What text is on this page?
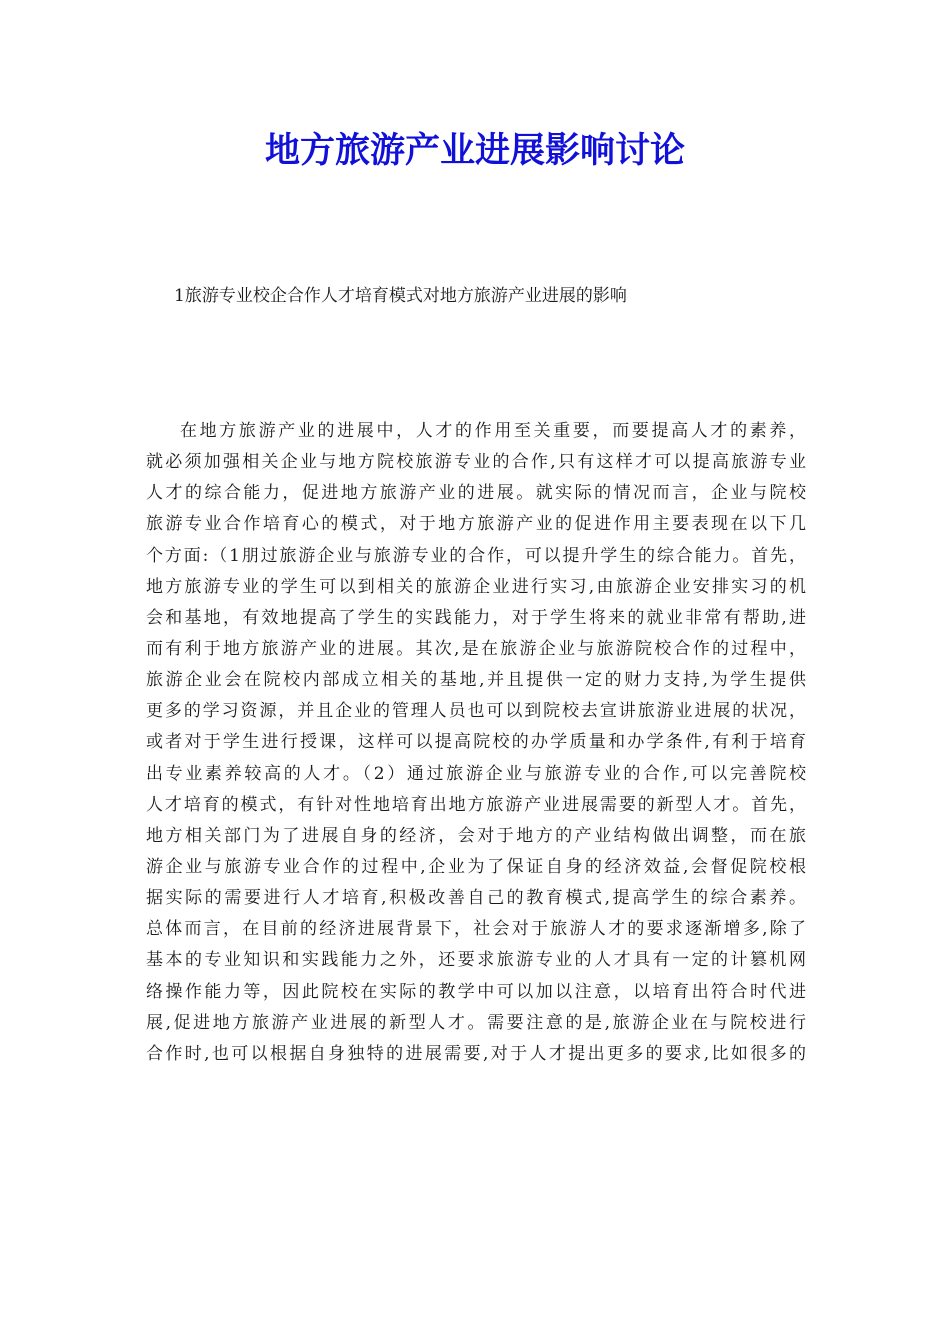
地方旅游产业进展影响讨论
1旅游专业校企合作人才培育模式对地方旅游产业进展的影响
在地方旅游产业的进展中，人才的作用至关重要，而要提高人才的素养，
就必须加强相关企业与地方院校旅游专业的合作,只有这样才可以提高旅游专业
人才的综合能力，促进地方旅游产业的进展。就实际的情况而言，企业与院校
旅游专业合作培育心的模式，对于地方旅游产业的促进作用主要表现在以下几
个方面:（1朋过旅游企业与旅游专业的合作，可以提升学生的综合能力。首先，
地方旅游专业的学生可以到相关的旅游企业进行实习,由旅游企业安排实习的机
会和基地，有效地提高了学生的实践能力，对于学生将来的就业非常有帮助,进
而有利于地方旅游产业的进展。其次,是在旅游企业与旅游院校合作的过程中，
旅游企业会在院校内部成立相关的基地,并且提供一定的财力支持,为学生提供
更多的学习资源，并且企业的管理人员也可以到院校去宣讲旅游业进展的状况，
或者对于学生进行授课，这样可以提高院校的办学质量和办学条件,有利于培育
出专业素养较高的人才。（2）通过旅游企业与旅游专业的合作,可以完善院校
人才培育的模式，有针对性地培育出地方旅游产业进展需要的新型人才。首先，
地方相关部门为了进展自身的经济，会对于地方的产业结构做出调整，而在旅
游企业与旅游专业合作的过程中,企业为了保证自身的经济效益,会督促院校根
据实际的需要进行人才培育,积极改善自己的教育模式,提高学生的综合素养。
总体而言，在目前的经济进展背景下，社会对于旅游人才的要求逐渐增多,除了
基本的专业知识和实践能力之外，还要求旅游专业的人才具有一定的计篡机网
络操作能力等，因此院校在实际的教学中可以加以注意，以培育出符合时代进
展,促进地方旅游产业进展的新型人才。需要注意的是,旅游企业在与院校进行
合作时,也可以根据自身独特的进展需要,对于人才提出更多的要求,比如很多的
